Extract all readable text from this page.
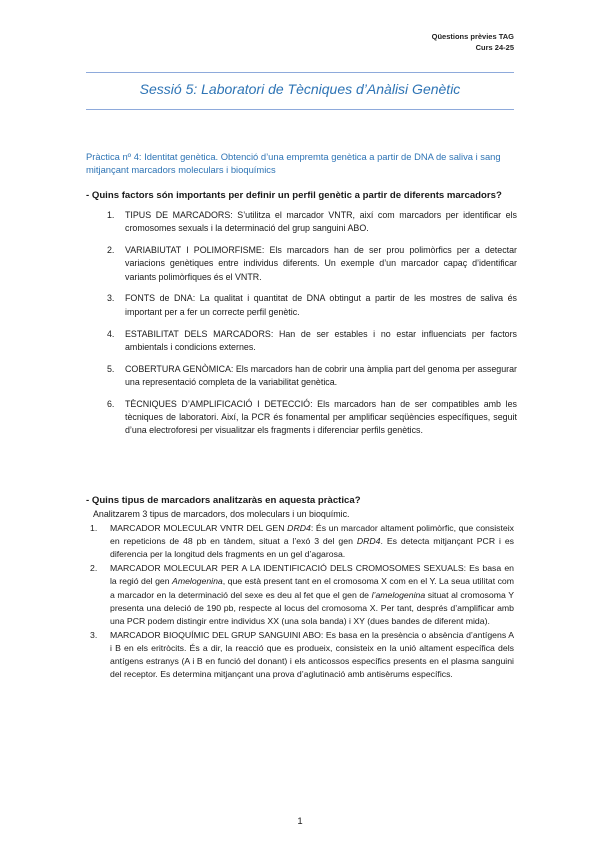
Qüestions prèvies TAG
Curs 24-25
Sessió 5: Laboratori de Tècniques d’Anàlisi Genètic
Pràctica nº 4: Identitat genètica. Obtenció d’una empremta genètica a partir de DNA de saliva i sang mitjançant marcadors moleculars i bioquímics
- Quins factors són importants per definir un perfil genètic a partir de diferents marcadors?
1. TIPUS DE MARCADORS: S’utilitza el marcador VNTR, així com marcadors per identificar els cromosomes sexuals i la determinació del grup sanguini ABO.
2. VARIABIUTAT I POLIMORFISME: Els marcadors han de ser prou polimòrfics per a detectar variacions genètiques entre individus diferents. Un exemple d’un marcador capaç d’identificar variants polimòrfiques és el VNTR.
3. FONTS de DNA: La qualitat i quantitat de DNA obtingut a partir de les mostres de saliva és important per a fer un correcte perfil genètic.
4. ESTABILITAT DELS MARCADORS: Han de ser estables i no estar influenciats per factors ambientals i condicions externes.
5. COBERTURA GENÒMICA: Els marcadors han de cobrir una àmplia part del genoma per assegurar una representació completa de la variabilitat genètica.
6. TÈCNIQUES D’AMPLIFICACIÓ I DETECCIÓ: Els marcadors han de ser compatibles amb les tècniques de laboratori. Així, la PCR és fonamental per amplificar seqüències específiques, seguit d’una electroforesi per visualitzar els fragments i diferenciar perfils genètics.
- Quins tipus de marcadors analitzaràs en aquesta pràctica?
Analitzarem 3 tipus de marcadors, dos moleculars i un bioquímic.
1. MARCADOR MOLECULAR VNTR DEL GEN DRD4: És un marcador altament polimòrfic, que consisteix en repeticions de 48 pb en tàndem, situat a l’exó 3 del gen DRD4. Es detecta mitjançant PCR i es diferencia per la longitud dels fragments en un gel d’agarosa.
2. MARCADOR MOLECULAR PER A LA IDENTIFICACIÓ DELS CROMOSOMES SEXUALS: Es basa en la regió del gen Amelogenina, que està present tant en el cromosoma X com en el Y. La seua utilitat com a marcador en la determinació del sexe es deu al fet que el gen de l’amelogenina situat al cromosoma Y presenta una deleció de 190 pb, respecte al locus del cromosoma X. Per tant, després d’amplificar amb una PCR podem distingir entre individus XX (una sola banda) i XY (dues bandes de diferent mida).
3. MARCADOR BIOQUÍMIC DEL GRUP SANGUINI ABO: Es basa en la presència o absència d’antígens A i B en els eritròcits. És a dir, la reacció que es produeix, consisteix en la unió altament específica dels antígens estranys (A i B en funció del donant) i els anticossos específics presents en el plasma sanguini del receptor. Es determina mitjançant una prova d’aglutinació amb antisèrums específics.
1
